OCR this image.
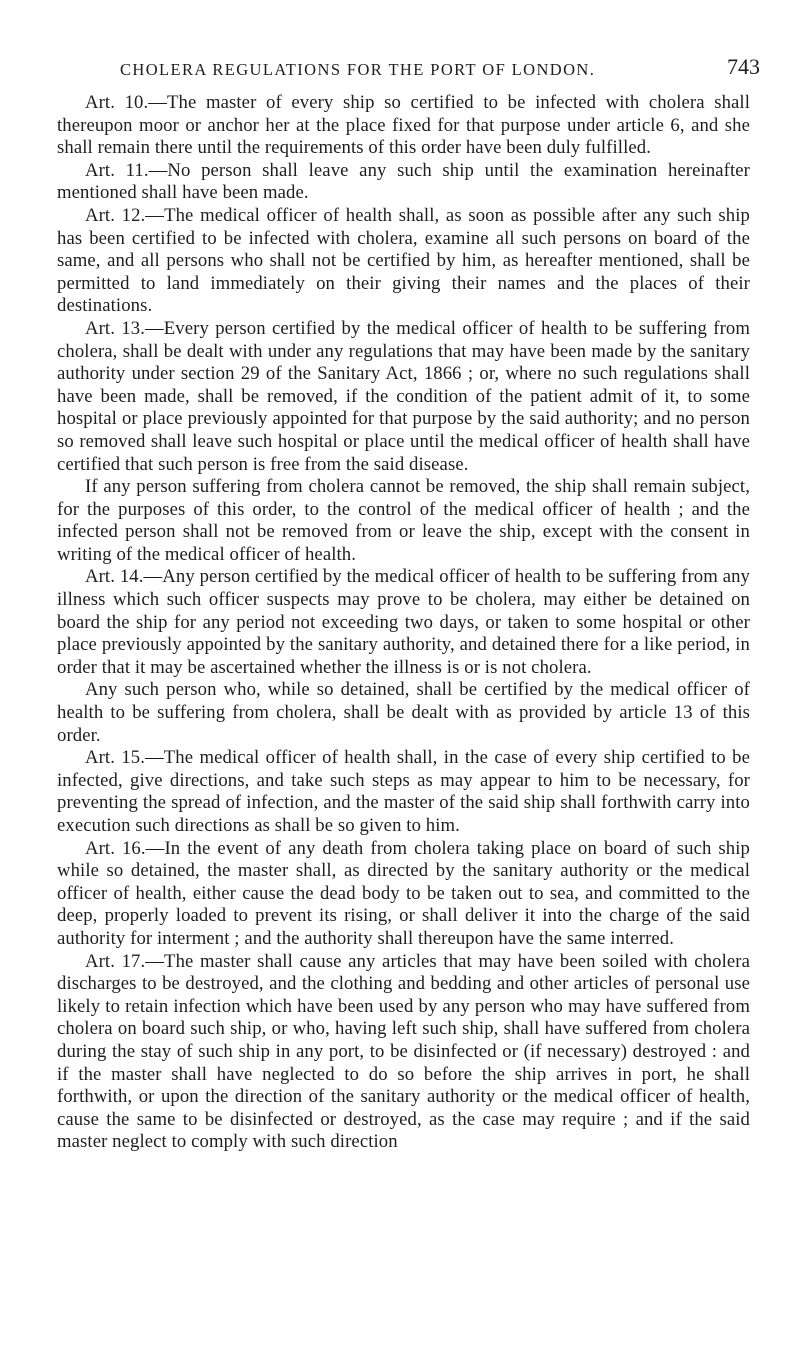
CHOLERA REGULATIONS FOR THE PORT OF LONDON.	743

Art. 10.—The master of every ship so certified to be infected with cholera shall thereupon moor or anchor her at the place fixed for that purpose under article 6, and she shall remain there until the requirements of this order have been duly fulfilled.

Art. 11.—No person shall leave any such ship until the examination hereinafter mentioned shall have been made.

Art. 12.—The medical officer of health shall, as soon as possible after any such ship has been certified to be infected with cholera, examine all such persons on board of the same, and all persons who shall not be certified by him, as hereafter mentioned, shall be permitted to land immediately on their giving their names and the places of their destinations.

Art. 13.—Every person certified by the medical officer of health to be suffering from cholera, shall be dealt with under any regulations that may have been made by the sanitary authority under section 29 of the Sanitary Act, 1866 ; or, where no such regulations shall have been made, shall be removed, if the condition of the patient admit of it, to some hospital or place previously appointed for that purpose by the said authority; and no person so removed shall leave such hospital or place until the medical officer of health shall have certified that such person is free from the said disease.

If any person suffering from cholera cannot be removed, the ship shall remain subject, for the purposes of this order, to the control of the medical officer of health ; and the infected person shall not be removed from or leave the ship, except with the consent in writing of the medical officer of health.

Art. 14.—Any person certified by the medical officer of health to be suffering from any illness which such officer suspects may prove to be cholera, may either be detained on board the ship for any period not exceeding two days, or taken to some hospital or other place previously appointed by the sanitary authority, and detained there for a like period, in order that it may be ascertained whether the illness is or is not cholera.

Any such person who, while so detained, shall be certified by the medical officer of health to be suffering from cholera, shall be dealt with as provided by article 13 of this order.

Art. 15.—The medical officer of health shall, in the case of every ship certified to be infected, give directions, and take such steps as may appear to him to be necessary, for preventing the spread of infection, and the master of the said ship shall forthwith carry into execution such directions as shall be so given to him.

Art. 16.—In the event of any death from cholera taking place on board of such ship while so detained, the master shall, as directed by the sanitary authority or the medical officer of health, either cause the dead body to be taken out to sea, and committed to the deep, properly loaded to prevent its rising, or shall deliver it into the charge of the said authority for interment ; and the authority shall thereupon have the same interred.

Art. 17.—The master shall cause any articles that may have been soiled with cholera discharges to be destroyed, and the clothing and bedding and other articles of personal use likely to retain infection which have been used by any person who may have suffered from cholera on board such ship, or who, having left such ship, shall have suffered from cholera during the stay of such ship in any port, to be disinfected or (if necessary) destroyed : and if the master shall have neglected to do so before the ship arrives in port, he shall forthwith, or upon the direction of the sanitary authority or the medical officer of health, cause the same to be disinfected or destroyed, as the case may require ; and if the said master neglect to comply with such direction
